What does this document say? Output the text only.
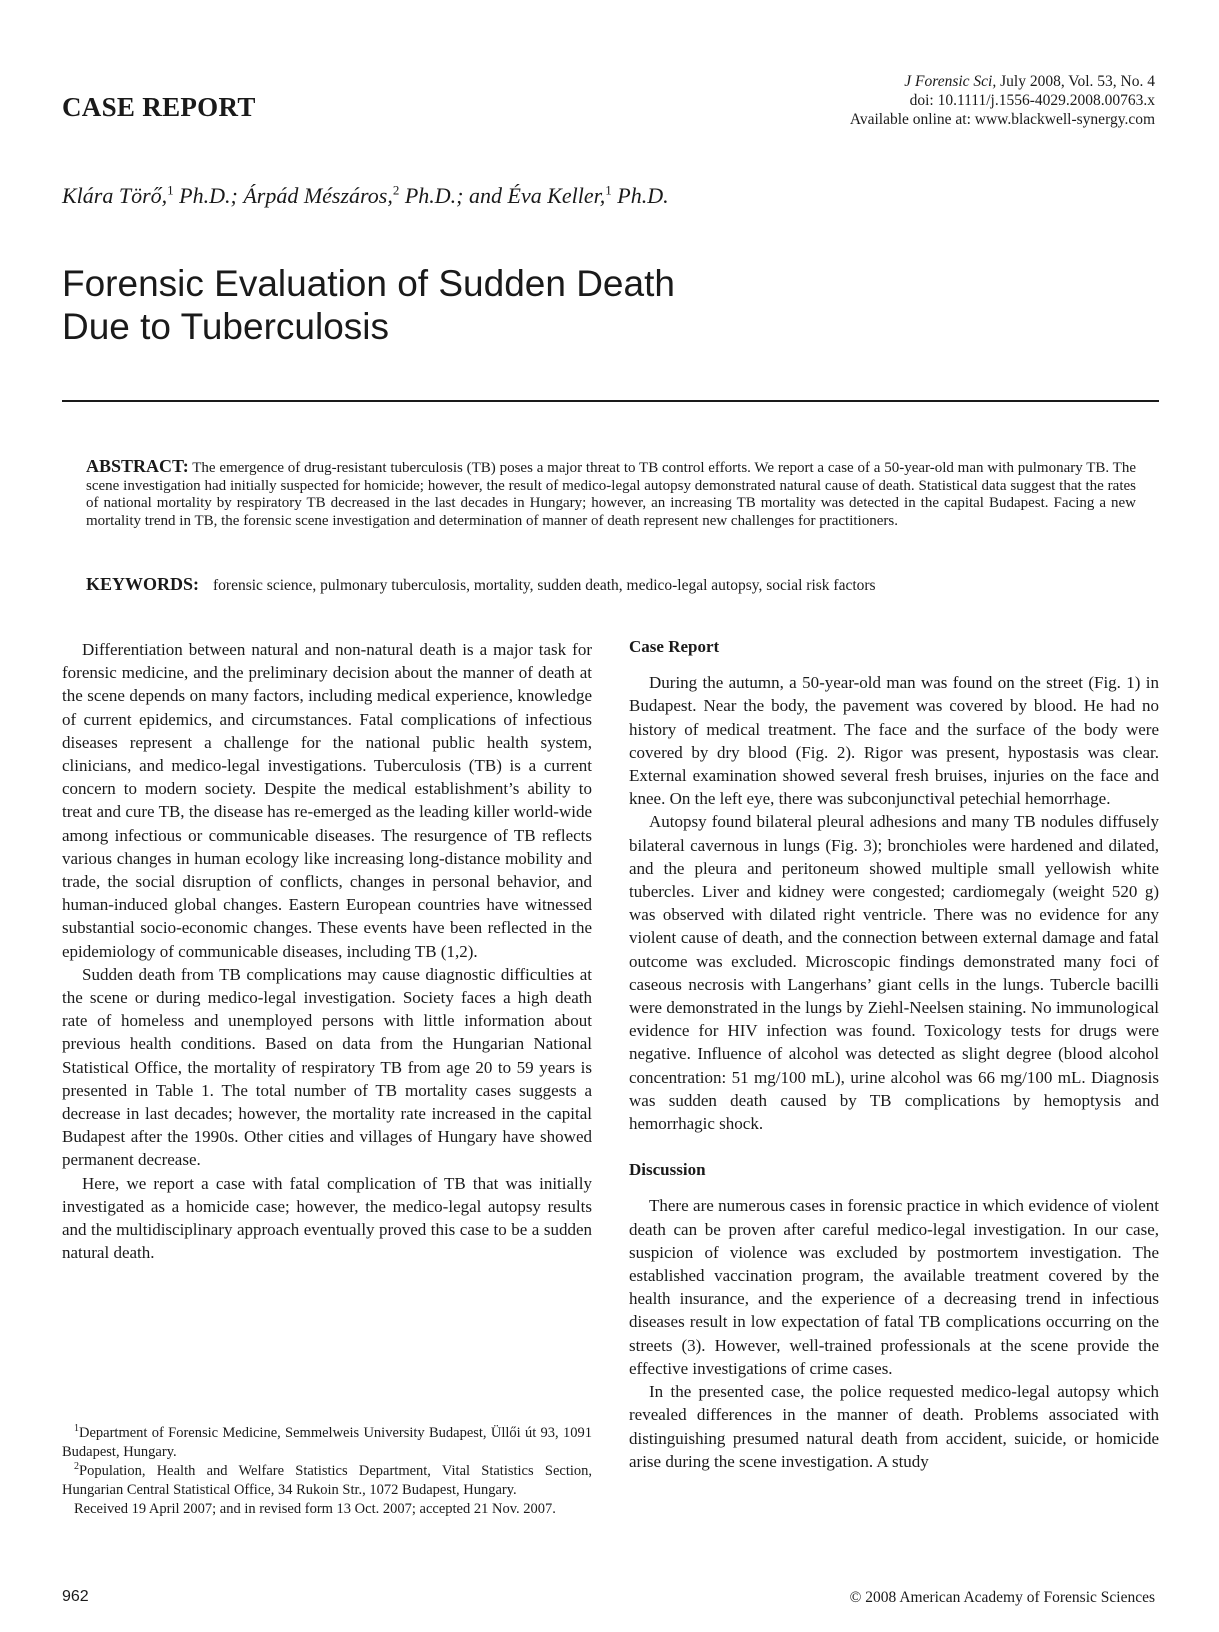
CASE REPORT
J Forensic Sci, July 2008, Vol. 53, No. 4
doi: 10.1111/j.1556-4029.2008.00763.x
Available online at: www.blackwell-synergy.com
Klára Törő,$^1$ Ph.D.; Árpád Mészáros,$^2$ Ph.D.; and Éva Keller,$^1$ Ph.D.
Forensic Evaluation of Sudden Death
Due to Tuberculosis
ABSTRACT: The emergence of drug-resistant tuberculosis (TB) poses a major threat to TB control efforts. We report a case of a 50-year-old man with pulmonary TB. The scene investigation had initially suspected for homicide; however, the result of medico-legal autopsy demonstrated natural cause of death. Statistical data suggest that the rates of national mortality by respiratory TB decreased in the last decades in Hungary; however, an increasing TB mortality was detected in the capital Budapest. Facing a new mortality trend in TB, the forensic scene investigation and determination of manner of death represent new challenges for practitioners.
KEYWORDS: forensic science, pulmonary tuberculosis, mortality, sudden death, medico-legal autopsy, social risk factors

Differentiation between natural and non-natural death is a major task for forensic medicine, and the preliminary decision about the manner of death at the scene depends on many factors, including medical experience, knowledge of current epidemics, and circumstances. Fatal complications of infectious diseases represent a challenge for the national public health system, clinicians, and medico-legal investigations. Tuberculosis (TB) is a current concern to modern society. Despite the medical establishment’s ability to treat and cure TB, the disease has re-emerged as the leading killer world-wide among infectious or communicable diseases. The resurgence of TB reflects various changes in human ecology like increasing long-distance mobility and trade, the social disruption of conflicts, changes in personal behavior, and human-induced global changes. Eastern European countries have witnessed substantial socio-economic changes. These events have been reflected in the epidemiology of communicable diseases, including TB (1,2).

Sudden death from TB complications may cause diagnostic difficulties at the scene or during medico-legal investigation. Society faces a high death rate of homeless and unemployed persons with little information about previous health conditions. Based on data from the Hungarian National Statistical Office, the mortality of respiratory TB from age 20 to 59 years is presented in Table 1. The total number of TB mortality cases suggests a decrease in last decades; however, the mortality rate increased in the capital Budapest after the 1990s. Other cities and villages of Hungary have showed permanent decrease.

Here, we report a case with fatal complication of TB that was initially investigated as a homicide case; however, the medico-legal autopsy results and the multidisciplinary approach eventually proved this case to be a sudden natural death.

$^1$Department of Forensic Medicine, Semmelweis University Budapest, Üllői út 93, 1091 Budapest, Hungary.

$^2$Population, Health and Welfare Statistics Department, Vital Statistics Section, Hungarian Central Statistical Office, 34 Rukoin Str., 1072 Budapest, Hungary.

Received 19 April 2007; and in revised form 13 Oct. 2007; accepted 21 Nov. 2007.

Case Report

During the autumn, a 50-year-old man was found on the street (Fig. 1) in Budapest. Near the body, the pavement was covered by blood. He had no history of medical treatment. The face and the surface of the body were covered by dry blood (Fig. 2). Rigor was present, hypostasis was clear. External examination showed several fresh bruises, injuries on the face and knee. On the left eye, there was subconjunctival petechial hemorrhage.

Autopsy found bilateral pleural adhesions and many TB nodules diffusely bilateral cavernous in lungs (Fig. 3); bronchioles were hardened and dilated, and the pleura and peritoneum showed multiple small yellowish white tubercles. Liver and kidney were congested; cardiomegaly (weight 520 g) was observed with dilated right ventricle. There was no evidence for any violent cause of death, and the connection between external damage and fatal outcome was excluded. Microscopic findings demonstrated many foci of caseous necrosis with Langerhans’ giant cells in the lungs. Tubercle bacilli were demonstrated in the lungs by Ziehl-Neelsen staining. No immunological evidence for HIV infection was found. Toxicology tests for drugs were negative. Influence of alcohol was detected as slight degree (blood alcohol concentration: 51 mg/100 mL), urine alcohol was 66 mg/100 mL. Diagnosis was sudden death caused by TB complications by hemoptysis and hemorrhagic shock.

Discussion

There are numerous cases in forensic practice in which evidence of violent death can be proven after careful medico-legal investigation. In our case, suspicion of violence was excluded by postmortem investigation. The established vaccination program, the available treatment covered by the health insurance, and the experience of a decreasing trend in infectious diseases result in low expectation of fatal TB complications occurring on the streets (3). However, well-trained professionals at the scene provide the effective investigations of crime cases.

In the presented case, the police requested medico-legal autopsy which revealed differences in the manner of death. Problems associated with distinguishing presumed natural death from accident, suicide, or homicide arise during the scene investigation. A study

962	© 2008 American Academy of Forensic Sciences
